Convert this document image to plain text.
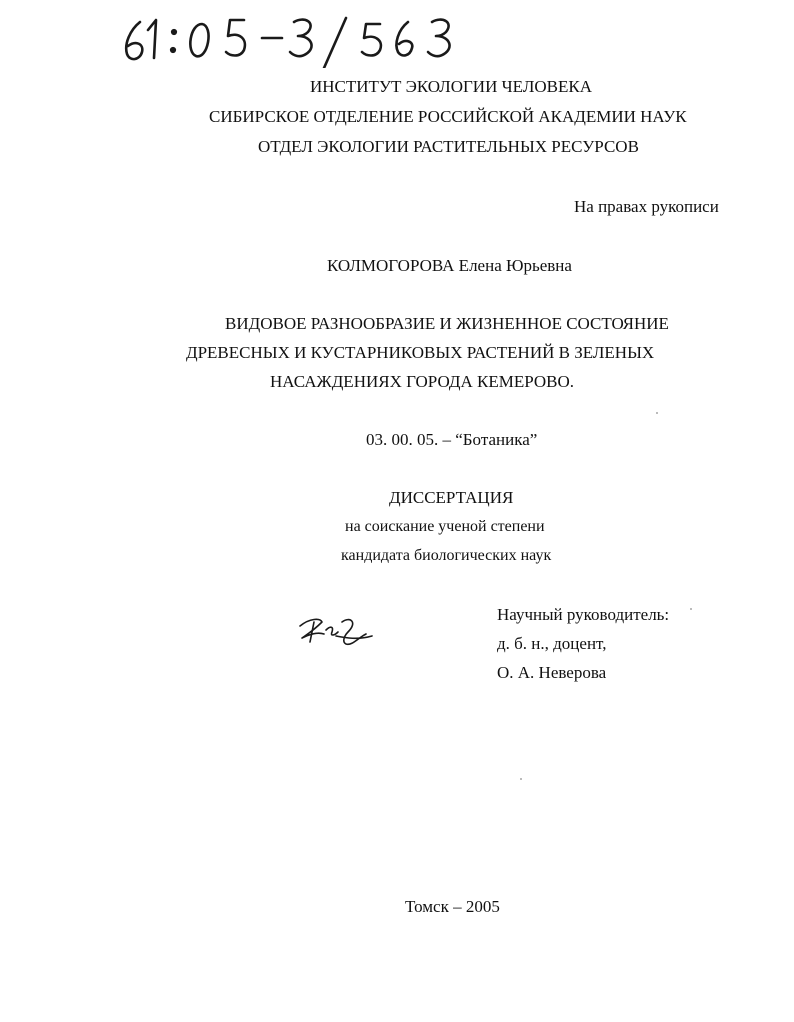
ИНСТИТУТ ЭКОЛОГИИ ЧЕЛОВЕКА
СИБИРСКОЕ ОТДЕЛЕНИЕ РОССИЙСКОЙ АКАДЕМИИ НАУК
ОТДЕЛ ЭКОЛОГИИ РАСТИТЕЛЬНЫХ РЕСУРСОВ
На правах рукописи
КОЛМОГОРОВА Елена Юрьевна
ВИДОВОЕ РАЗНООБРАЗИЕ И ЖИЗНЕННОЕ СОСТОЯНИЕ
ДРЕВЕСНЫХ И КУСТАРНИКОВЫХ РАСТЕНИЙ В ЗЕЛЕНЫХ
НАСАЖДЕНИЯХ ГОРОДА КЕМЕРОВО.
03. 00. 05. – “Ботаника”
ДИССЕРТАЦИЯ
на соискание ученой степени
кандидата биологических наук
Научный руководитель:
д. б. н., доцент,
О. А. Неверова
Томск – 2005
